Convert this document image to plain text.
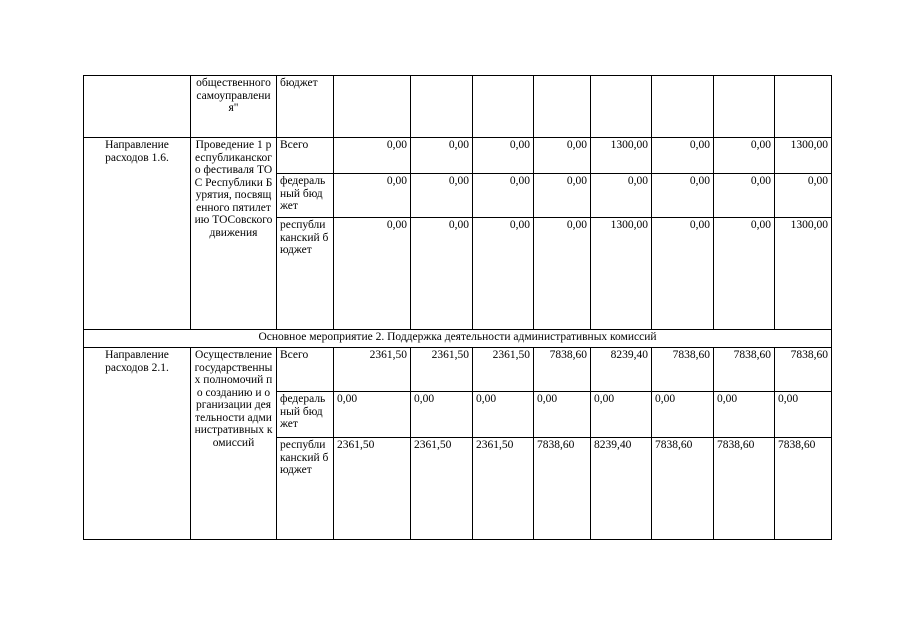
	общественного самоуправления"	бюджет								
Направление расходов 1.6.	Проведение 1 республиканского фестиваля ТОС Республики Бурятия, посвященного пятилетию ТОСовского движения	Всего	0,00	0,00	0,00	0,00	1300,00	0,00	0,00	1300,00
		федеральный бюджет	0,00	0,00	0,00	0,00	0,00	0,00	0,00	0,00
		республиканский бюджет	0,00	0,00	0,00	0,00	1300,00	0,00	0,00	1300,00
Основное мероприятие 2. Поддержка деятельности административных комиссий										
Направление расходов 2.1.	Осуществление государственных полномочий по созданию и организации деятельности административных комиссий	Всего	2361,50	2361,50	2361,50	7838,60	8239,40	7838,60	7838,60	7838,60
		федеральный бюджет	0,00	0,00	0,00	0,00	0,00	0,00	0,00	0,00
		республиканский бюджет	2361,50	2361,50	2361,50	7838,60	8239,40	7838,60	7838,60	7838,60
